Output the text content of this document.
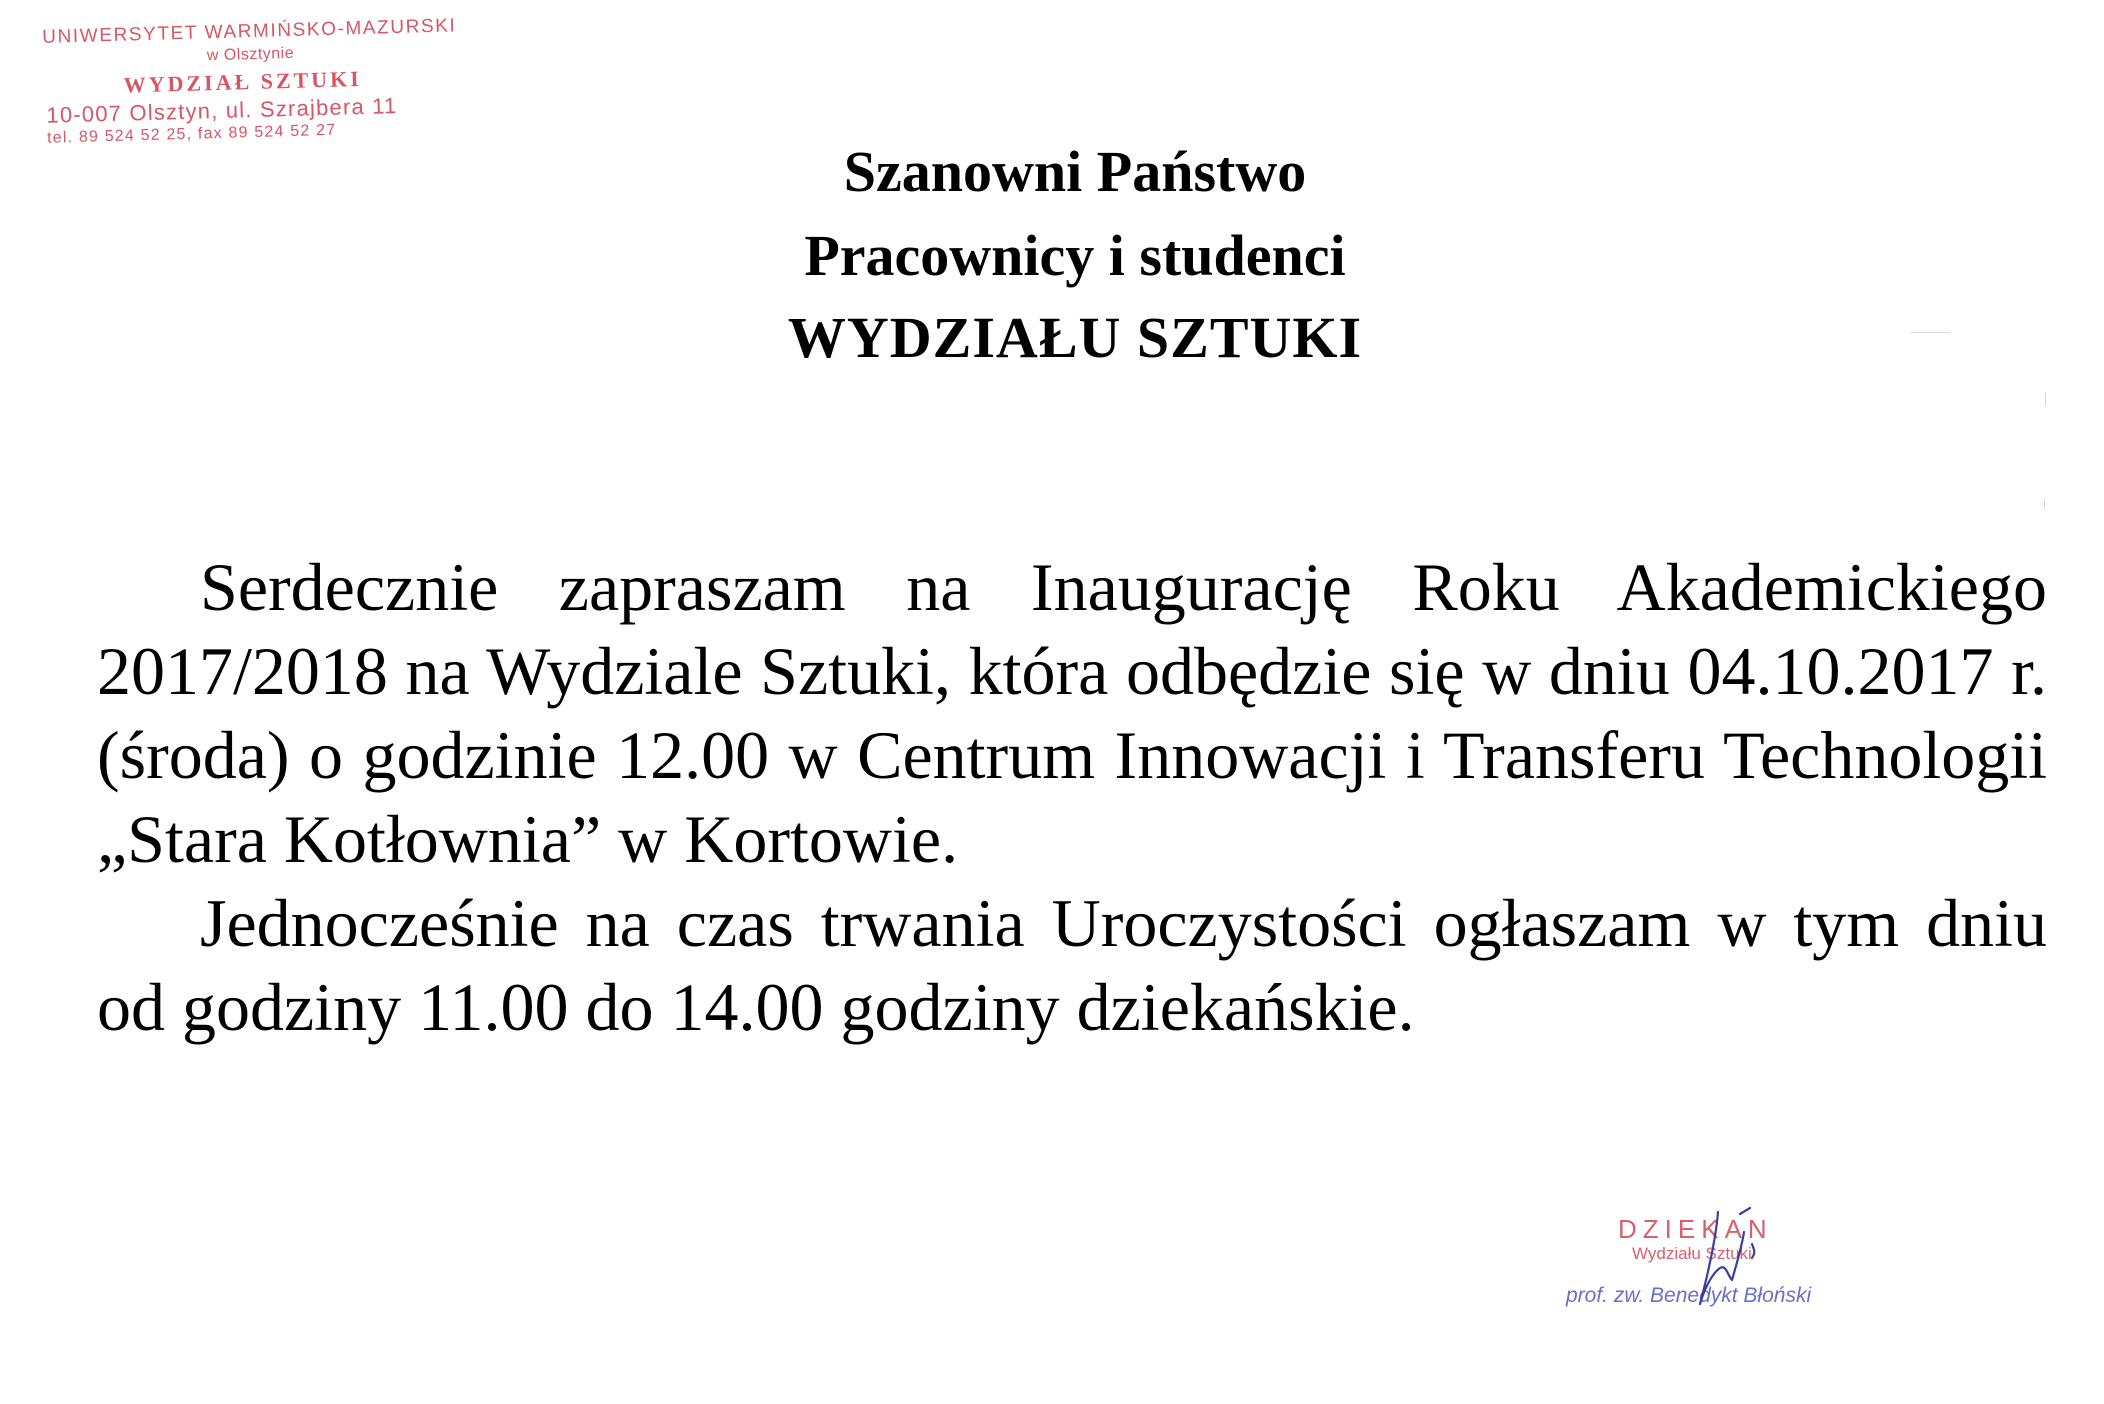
UNIWERSYTET WARMIŃSKO-MAZURSKI
w Olsztynie
WYDZIAŁ SZTUKI
10-007 Olsztyn, ul. Szrajbera 11
tel. 89 524 52 25, fax 89 524 52 27
Szanowni Państwo
Pracownicy i studenci
WYDZIAŁU SZTUKI

Serdecznie zapraszam na Inaugurację Roku Akademickiego 2017/2018 na Wydziale Sztuki, która odbędzie się w dniu 04.10.2017 r. (środa) o godzinie 12.00 w Centrum Innowacji i Transferu Technologii „Stara Kotłownia” w Kortowie.

Jednocześnie na czas trwania Uroczystości ogłaszam w tym dniu od godziny 11.00 do 14.00 godziny dziekańskie.

DZIEKAN
Wydziału Sztuki
prof. zw. Benedykt Błoński
